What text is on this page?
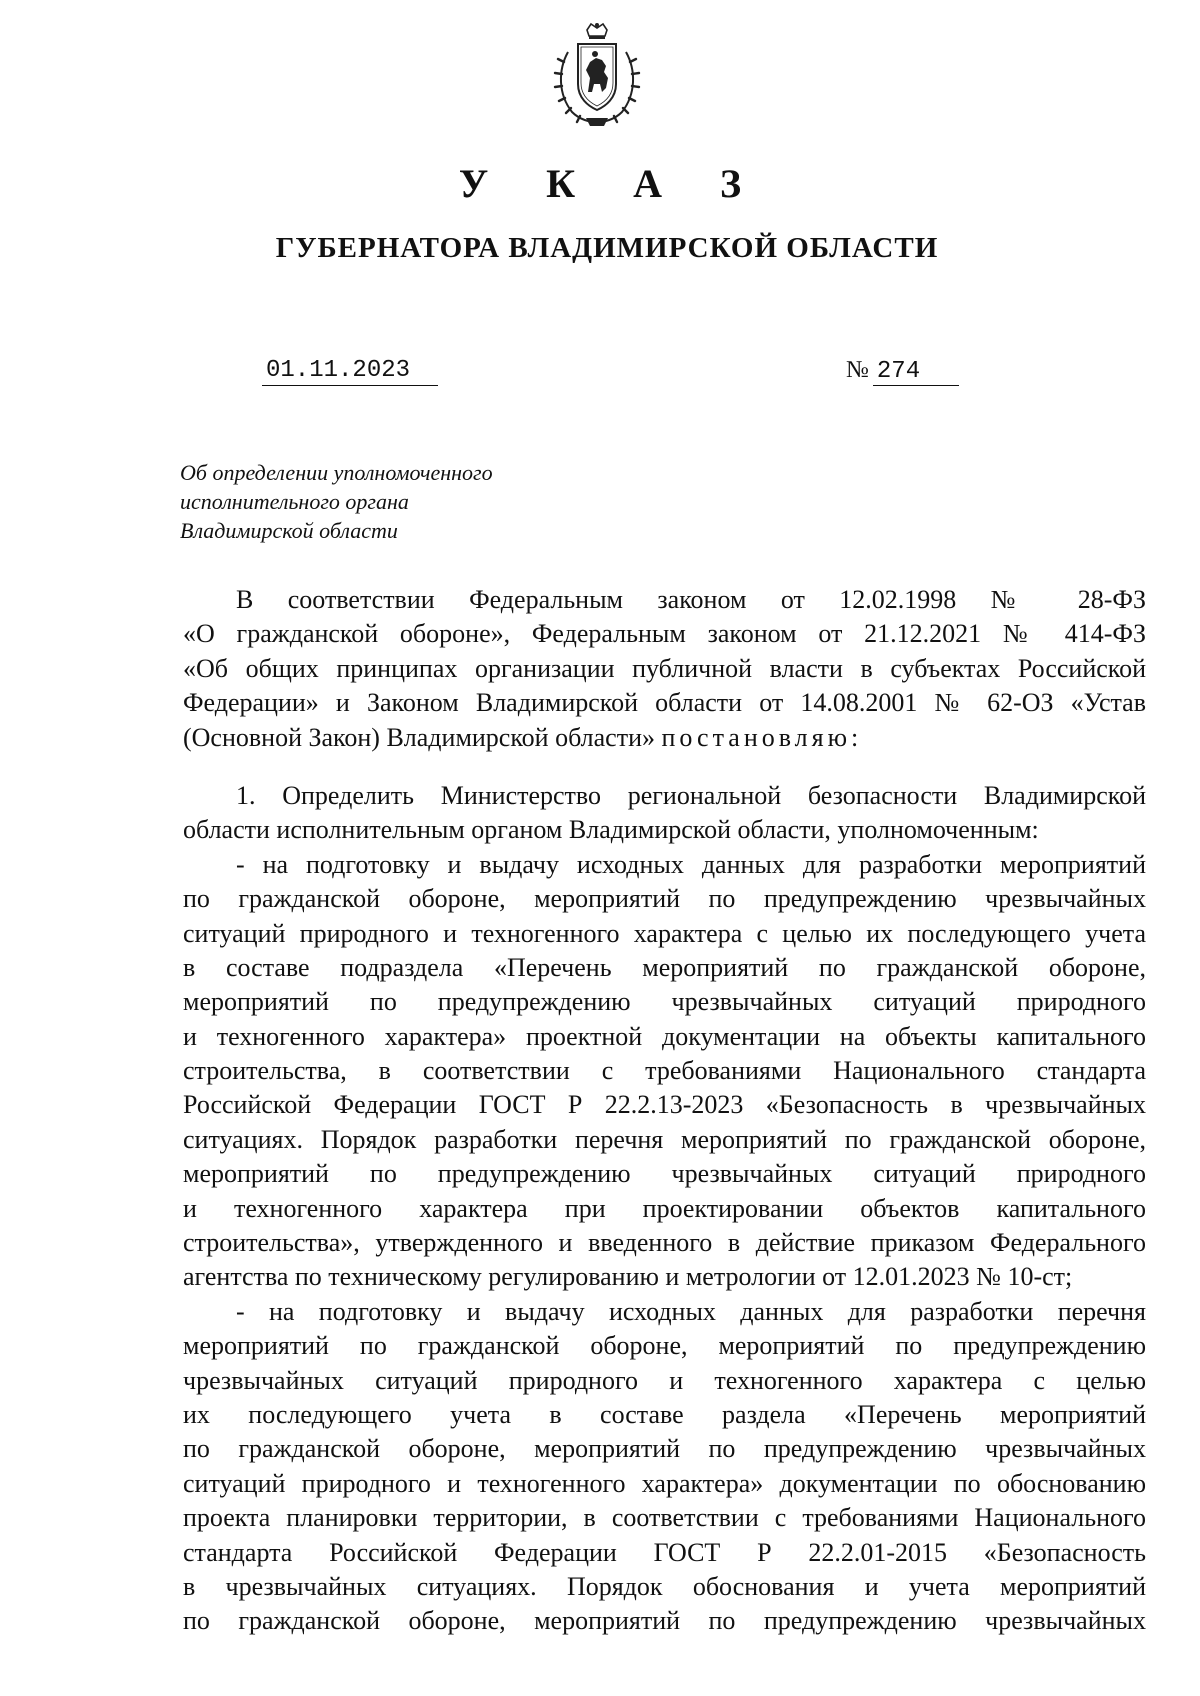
У К А З
ГУБЕРНАТОРА ВЛАДИМИРСКОЙ ОБЛАСТИ
01.11.2023	№ 274
Об определении уполномоченного
исполнительного органа
Владимирской области
В соответствии Федеральным законом от 12.02.1998 № 28-ФЗ
«О гражданской обороне», Федеральным законом от 21.12.2021 № 414-ФЗ
«Об общих принципах организации публичной власти в субъектах Российской
Федерации» и Законом Владимирской области от 14.08.2001 № 62-ОЗ «Устав
(Основной Закон) Владимирской области» постановляю:
1. Определить Министерство региональной безопасности Владимирской
области исполнительным органом Владимирской области, уполномоченным:
- на подготовку и выдачу исходных данных для разработки мероприятий
по гражданской обороне, мероприятий по предупреждению чрезвычайных
ситуаций природного и техногенного характера с целью их последующего учета
в составе подраздела «Перечень мероприятий по гражданской обороне,
мероприятий по предупреждению чрезвычайных ситуаций природного
и техногенного характера» проектной документации на объекты капитального
строительства, в соответствии с требованиями Национального стандарта
Российской Федерации ГОСТ Р 22.2.13-2023 «Безопасность в чрезвычайных
ситуациях. Порядок разработки перечня мероприятий по гражданской обороне,
мероприятий по предупреждению чрезвычайных ситуаций природного
и техногенного характера при проектировании объектов капитального
строительства», утвержденного и введенного в действие приказом Федерального
агентства по техническому регулированию и метрологии от 12.01.2023 № 10-ст;
- на подготовку и выдачу исходных данных для разработки перечня
мероприятий по гражданской обороне, мероприятий по предупреждению
чрезвычайных ситуаций природного и техногенного характера с целью
их последующего учета в составе раздела «Перечень мероприятий
по гражданской обороне, мероприятий по предупреждению чрезвычайных
ситуаций природного и техногенного характера» документации по обоснованию
проекта планировки территории, в соответствии с требованиями Национального
стандарта Российской Федерации ГОСТ Р 22.2.01-2015 «Безопасность
в чрезвычайных ситуациях. Порядок обоснования и учета мероприятий
по гражданской обороне, мероприятий по предупреждению чрезвычайных
